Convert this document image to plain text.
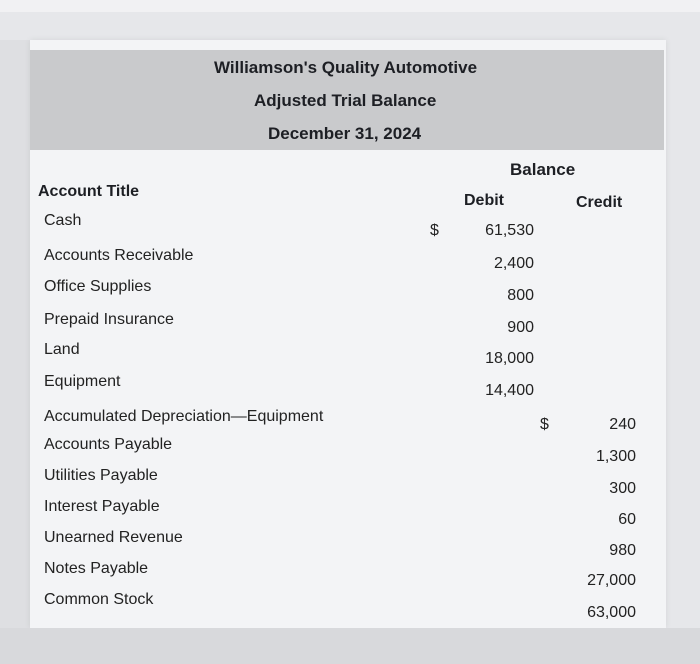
Williamson's Quality Automotive
Adjusted Trial Balance
December 31, 2024
Balance
Account Title
Debit	Credit
Cash
Accounts Receivable
Office Supplies
Prepaid Insurance
Land
Equipment
Accumulated Depreciation—Equipment
Accounts Payable
Utilities Payable
Interest Payable
Unearned Revenue
Notes Payable
Common Stock
$
$
61,530
2,400
800
900
18,000
14,400
240
1,300
300
60
980
27,000
63,000
